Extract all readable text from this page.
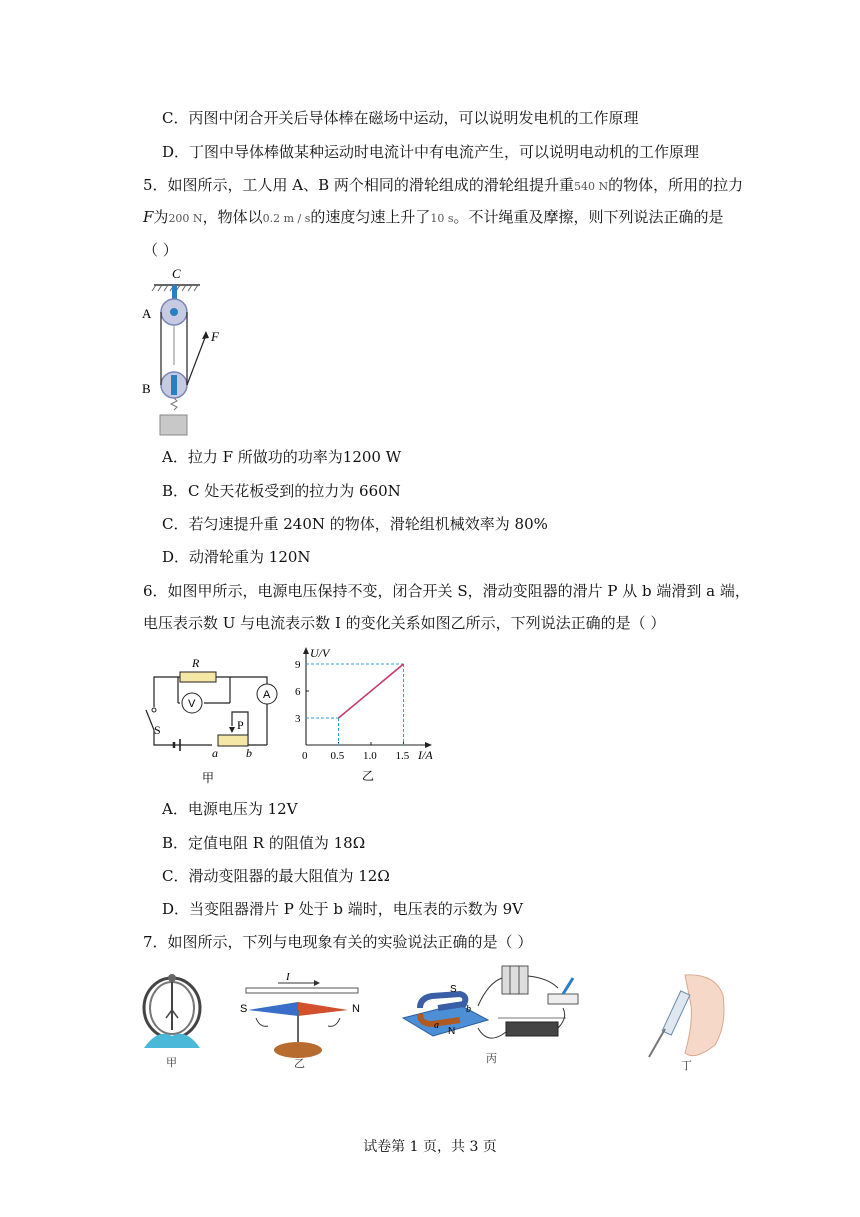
C．丙图中闭合开关后导体棒在磁场中运动，可以说明发电机的工作原理
D．丁图中导体棒做某种运动时电流计中有电流产生，可以说明电动机的工作原理
5．如图所示，工人用 A、B 两个相同的滑轮组成的滑轮组提升重540 N的物体，所用的拉力
F为200 N，物体以0.2 m / s的速度匀速上升了10 s。不计绳重及摩擦，则下列说法正确的是
（ ）
C
F
A
B
A．拉力 F 所做功的功率为1200 W
B．C 处天花板受到的拉力为 660N
C．若匀速提升重 240N 的物体，滑轮组机械效率为 80%
D．动滑轮重为 120N
6．如图甲所示，电源电压保持不变，闭合开关 S，滑动变阻器的滑片 P 从 b 端滑到 a 端，
电压表示数 U 与电流表示数 I 的变化关系如图乙所示，下列说法正确的是（ ）
R
V
A
P
S
a b
甲
U/V
I/A
3
6
9
0 0.5 1.0 1.5
乙
A．电源电压为 12V
B．定值电阻 R 的阻值为 18Ω
C．滑动变阻器的最大阻值为 12Ω
D．当变阻器滑片 P 处于 b 端时，电压表的示数为 9V
7．如图所示，下列与电现象有关的实验说法正确的是（ ）
甲
I
S	N
乙
S
N
a
b
丙
丁
试卷第 1 页，共 3 页
